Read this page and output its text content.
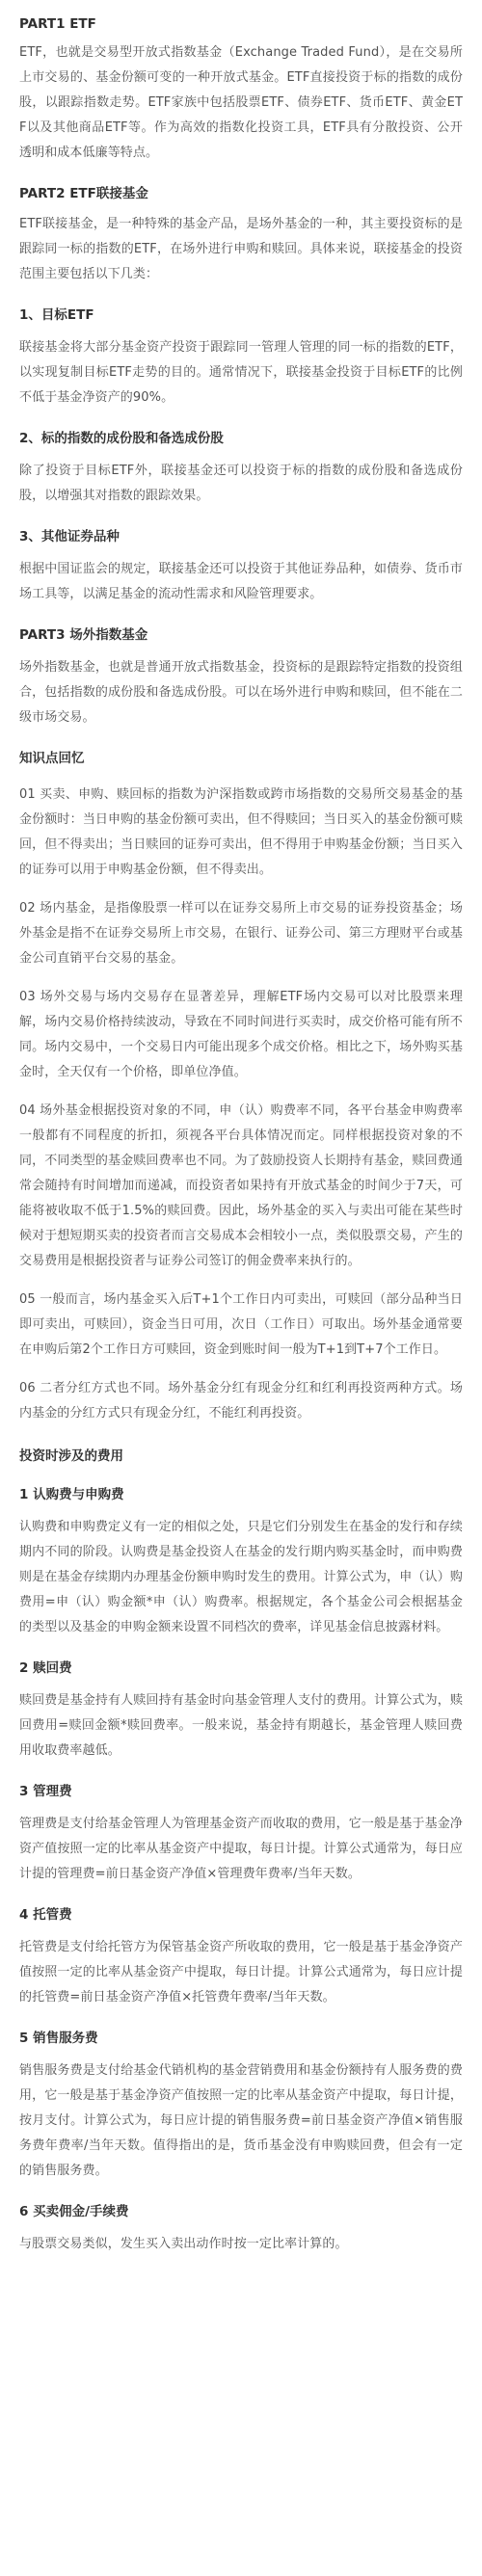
PART1 ETF

ETF，也就是交易型开放式指数基金（Exchange Traded Fund），是在交易所上市交易的、基金份额可变的一种开放式基金。ETF直接投资于标的指数的成份股，以跟踪指数走势。ETF家族中包括股票ETF、债券ETF、货币ETF、黄金ETF以及其他商品ETF等。作为高效的指数化投资工具，ETF具有分散投资、公开透明和成本低廉等特点。

PART2 ETF联接基金

ETF联接基金，是一种特殊的基金产品，是场外基金的一种，其主要投资标的是跟踪同一标的指数的ETF，在场外进行申购和赎回。具体来说，联接基金的投资范围主要包括以下几类：

1、目标ETF

联接基金将大部分基金资产投资于跟踪同一管理人管理的同一标的指数的ETF，以实现复制目标ETF走势的目的。通常情况下，联接基金投资于目标ETF的比例不低于基金净资产的90%。

2、标的指数的成份股和备选成份股

除了投资于目标ETF外，联接基金还可以投资于标的指数的成份股和备选成份股，以增强其对指数的跟踪效果。

3、其他证券品种

根据中国证监会的规定，联接基金还可以投资于其他证券品种，如债券、货币市场工具等，以满足基金的流动性需求和风险管理要求。

PART3 场外指数基金

场外指数基金，也就是普通开放式指数基金，投资标的是跟踪特定指数的投资组合，包括指数的成份股和备选成份股。可以在场外进行申购和赎回，但不能在二级市场交易。

知识点回忆

01 买卖、申购、赎回标的指数为沪深指数或跨市场指数的交易所交易基金的基金份额时：当日申购的基金份额可卖出，但不得赎回；当日买入的基金份额可赎回，但不得卖出；当日赎回的证券可卖出，但不得用于申购基金份额；当日买入的证券可以用于申购基金份额，但不得卖出。

02 场内基金，是指像股票一样可以在证券交易所上市交易的证券投资基金；场外基金是指不在证券交易所上市交易，在银行、证券公司、第三方理财平台或基金公司直销平台交易的基金。

03 场外交易与场内交易存在显著差异，理解ETF场内交易可以对比股票来理解，场内交易价格持续波动，导致在不同时间进行买卖时，成交价格可能有所不同。场内交易中，一个交易日内可能出现多个成交价格。相比之下，场外购买基金时，全天仅有一个价格，即单位净值。

04 场外基金根据投资对象的不同，申（认）购费率不同，各平台基金申购费率一般都有不同程度的折扣，须视各平台具体情况而定。同样根据投资对象的不同，不同类型的基金赎回费率也不同。为了鼓励投资人长期持有基金，赎回费通常会随持有时间增加而递减，而投资者如果持有开放式基金的时间少于7天，可能将被收取不低于1.5%的赎回费。因此，场外基金的买入与卖出可能在某些时候对于想短期买卖的投资者而言交易成本会相较小一点，类似股票交易，产生的交易费用是根据投资者与证券公司签订的佣金费率来执行的。

05 一般而言，场内基金买入后T+1个工作日内可卖出，可赎回（部分品种当日即可卖出，可赎回），资金当日可用，次日（工作日）可取出。场外基金通常要在申购后第2个工作日方可赎回，资金到账时间一般为T+1到T+7个工作日。

06 二者分红方式也不同。场外基金分红有现金分红和红利再投资两种方式。场内基金的分红方式只有现金分红，不能红利再投资。

投资时涉及的费用
1 认购费与申购费

认购费和申购费定义有一定的相似之处，只是它们分别发生在基金的发行和存续期内不同的阶段。认购费是基金投资人在基金的发行期内购买基金时，而申购费则是在基金存续期内办理基金份额申购时发生的费用。计算公式为，申（认）购费用=申（认）购金额*申（认）购费率。根据规定，各个基金公司会根据基金的类型以及基金的申购金额来设置不同档次的费率，详见基金信息披露材料。

2 赎回费

赎回费是基金持有人赎回持有基金时向基金管理人支付的费用。计算公式为，赎回费用=赎回金额*赎回费率。一般来说，基金持有期越长，基金管理人赎回费用收取费率越低。

3 管理费

管理费是支付给基金管理人为管理基金资产而收取的费用，它一般是基于基金净资产值按照一定的比率从基金资产中提取，每日计提。计算公式通常为，每日应计提的管理费=前日基金资产净值×管理费年费率/当年天数。

4 托管费

托管费是支付给托管方为保管基金资产所收取的费用，它一般是基于基金净资产值按照一定的比率从基金资产中提取，每日计提。计算公式通常为，每日应计提的托管费=前日基金资产净值×托管费年费率/当年天数。

5 销售服务费

销售服务费是支付给基金代销机构的基金营销费用和基金份额持有人服务费的费用，它一般是基于基金净资产值按照一定的比率从基金资产中提取，每日计提，按月支付。计算公式为，每日应计提的销售服务费=前日基金资产净值×销售服务费年费率/当年天数。值得指出的是，货币基金没有申购赎回费，但会有一定的销售服务费。

6 买卖佣金/手续费

与股票交易类似，发生买入卖出动作时按一定比率计算的。
